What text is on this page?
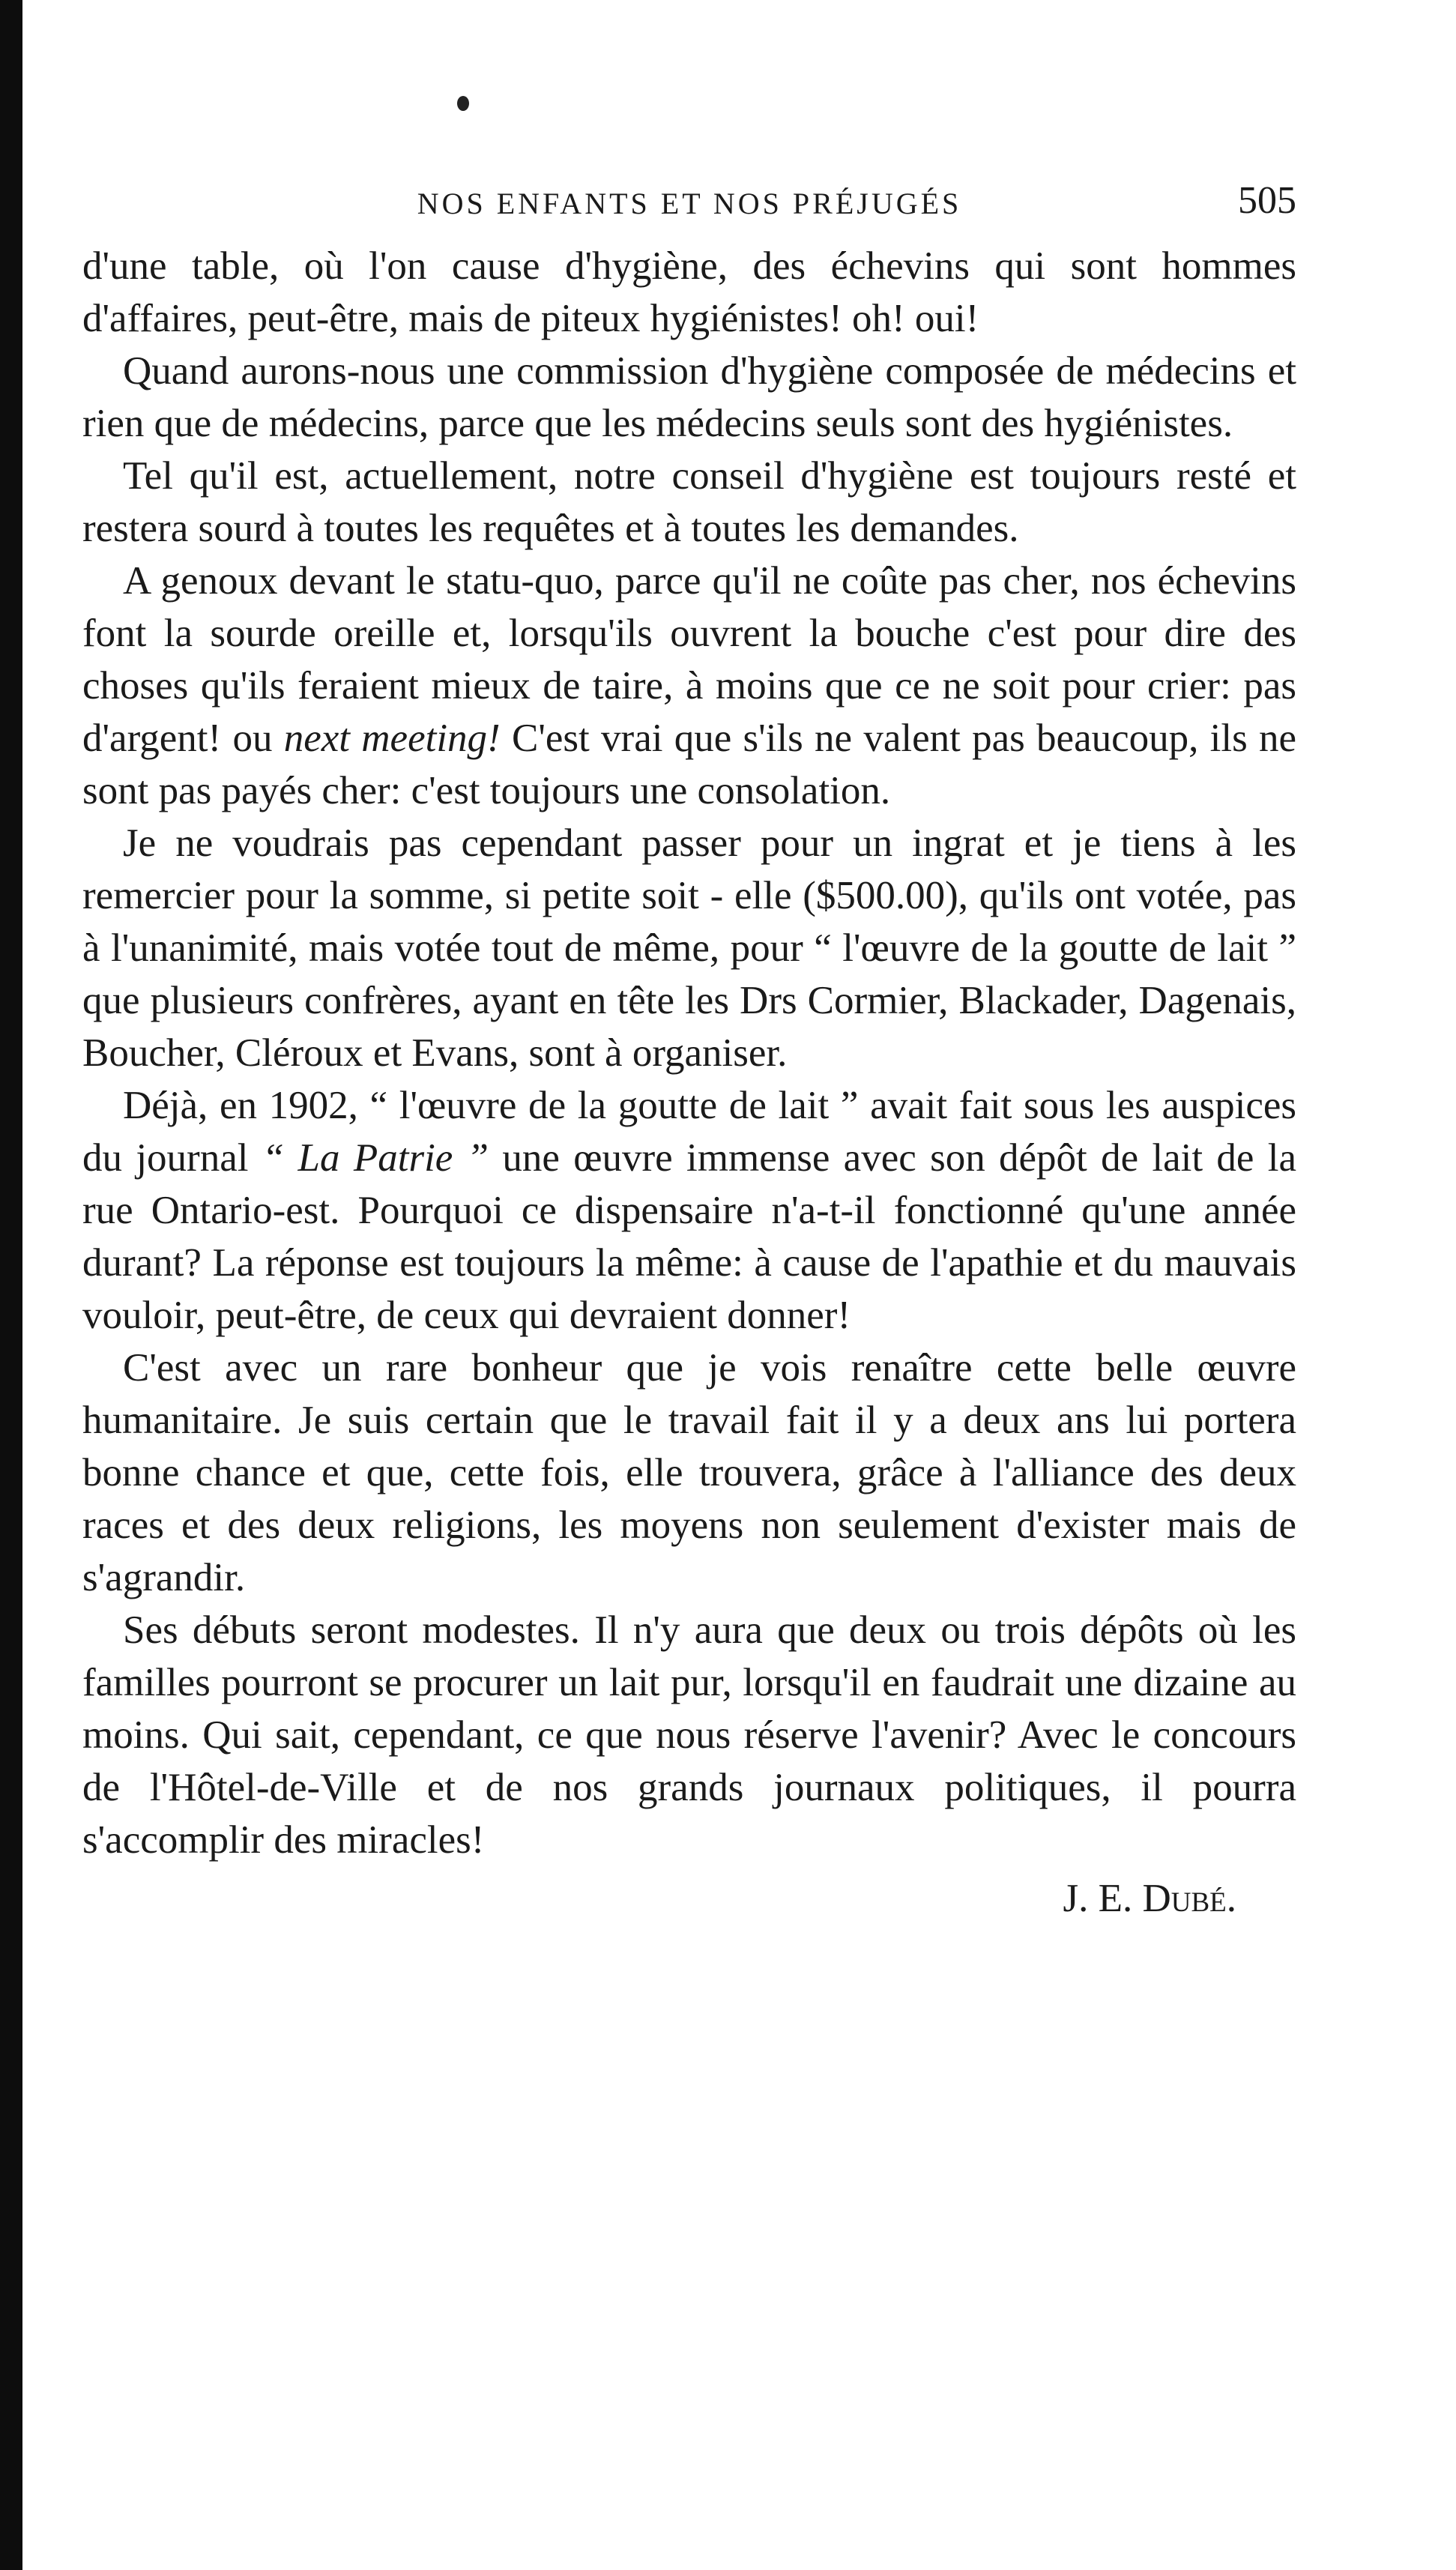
NOS ENFANTS ET NOS PRÉJUGÉS	505

d'une table, où l'on cause d'hygiène, des échevins qui sont hommes d'affaires, peut-être, mais de piteux hygiénistes! oh! oui!

Quand aurons-nous une commission d'hygiène composée de médecins et rien que de médecins, parce que les médecins seuls sont des hygiénistes.

Tel qu'il est, actuellement, notre conseil d'hygiène est toujours resté et restera sourd à toutes les requêtes et à toutes les demandes.

A genoux devant le statu-quo, parce qu'il ne coûte pas cher, nos échevins font la sourde oreille et, lorsqu'ils ouvrent la bouche c'est pour dire des choses qu'ils feraient mieux de taire, à moins que ce ne soit pour crier: pas d'argent! ou next meeting! C'est vrai que s'ils ne valent pas beaucoup, ils ne sont pas payés cher: c'est toujours une consolation.

Je ne voudrais pas cependant passer pour un ingrat et je tiens à les remercier pour la somme, si petite soit - elle ($500.00), qu'ils ont votée, pas à l'unanimité, mais votée tout de même, pour “ l'œuvre de la goutte de lait ” que plusieurs confrères, ayant en tête les Drs Cormier, Blackader, Dagenais, Boucher, Cléroux et Evans, sont à organiser.

Déjà, en 1902, “ l'œuvre de la goutte de lait ” avait fait sous les auspices du journal “ La Patrie ” une œuvre immense avec son dépôt de lait de la rue Ontario-est. Pourquoi ce dispensaire n'a-t-il fonctionné qu'une année durant? La réponse est toujours la même: à cause de l'apathie et du mauvais vouloir, peut-être, de ceux qui devraient donner!

C'est avec un rare bonheur que je vois renaître cette belle œuvre humanitaire. Je suis certain que le travail fait il y a deux ans lui portera bonne chance et que, cette fois, elle trouvera, grâce à l'alliance des deux races et des deux religions, les moyens non seulement d'exister mais de s'agrandir.

Ses débuts seront modestes. Il n'y aura que deux ou trois dépôts où les familles pourront se procurer un lait pur, lorsqu'il en faudrait une dizaine au moins. Qui sait, cependant, ce que nous réserve l'avenir? Avec le concours de l'Hôtel-de-Ville et de nos grands journaux politiques, il pourra s'accomplir des miracles!

J. E. Dubé.
